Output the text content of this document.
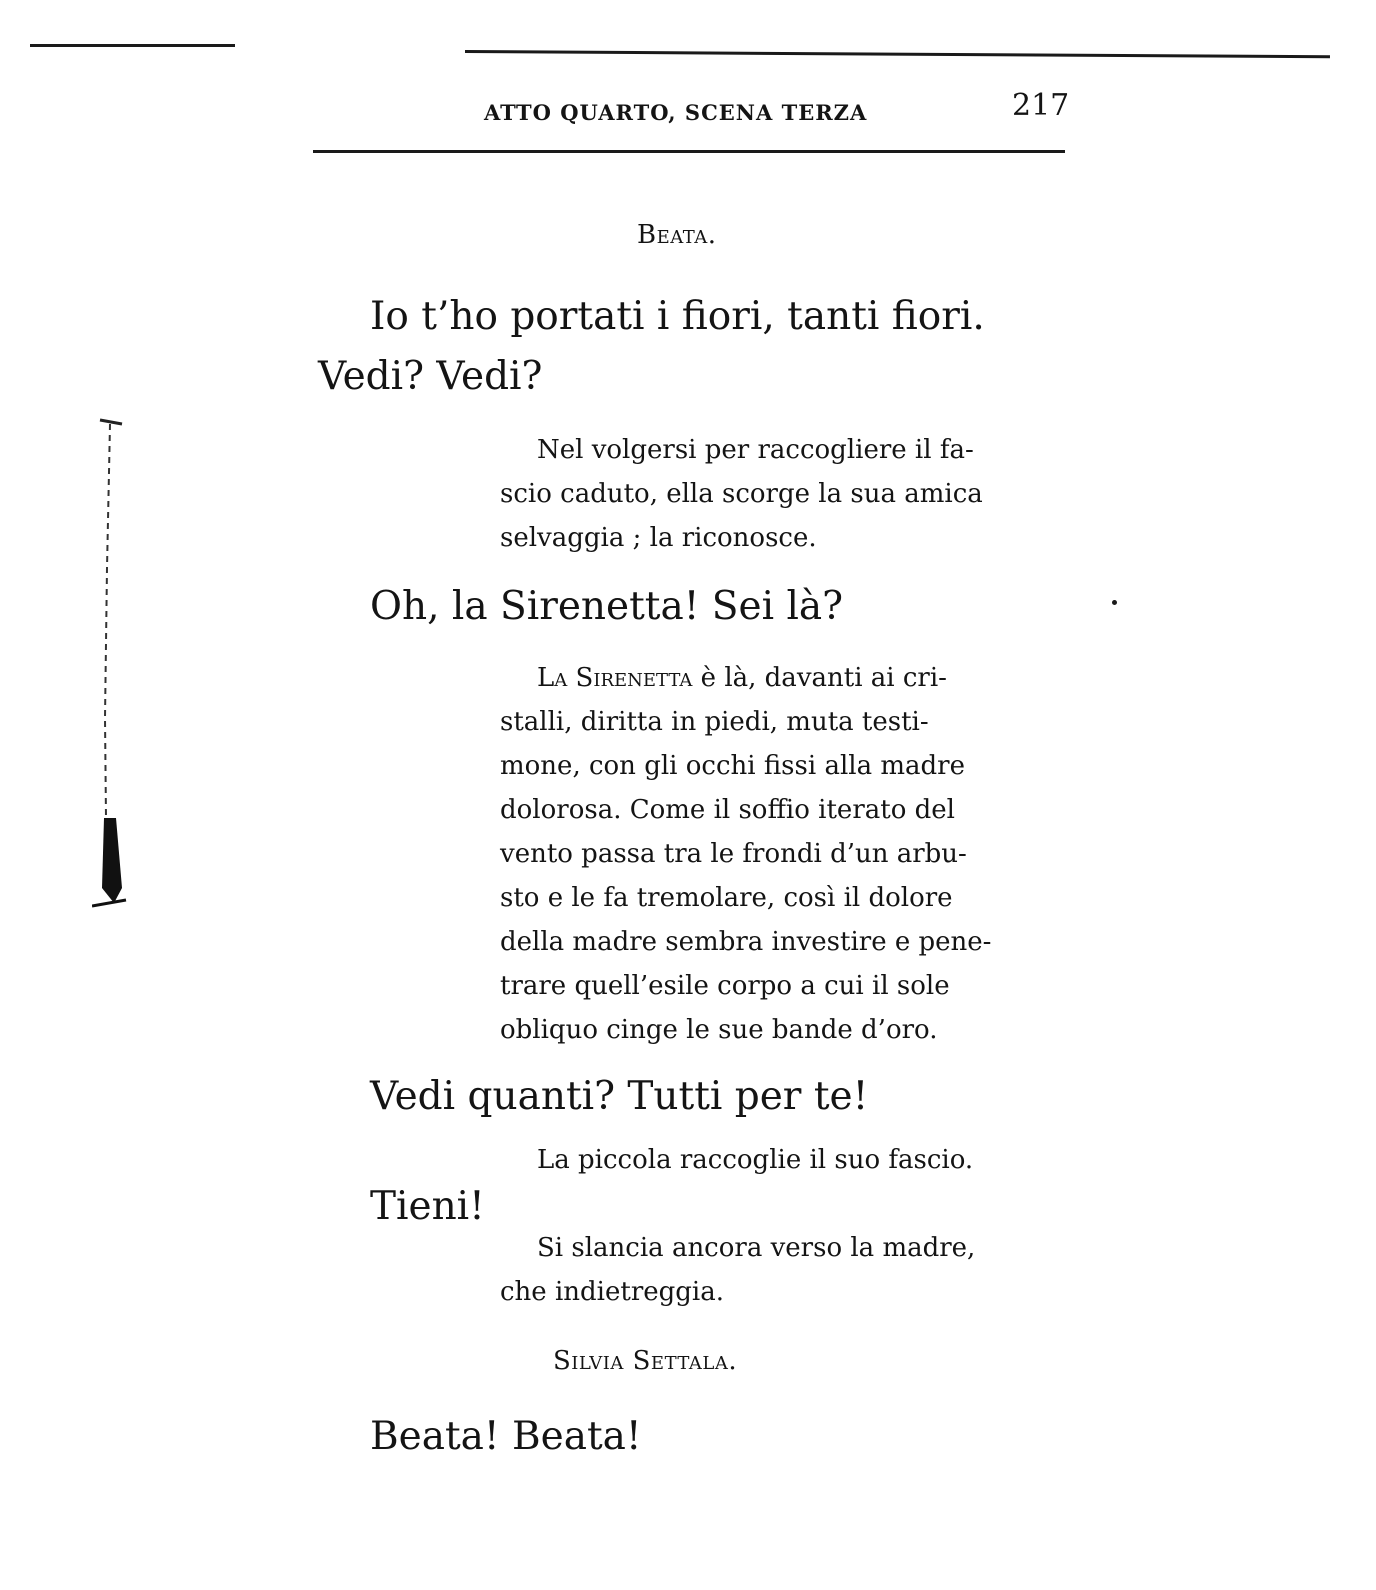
ATTO QUARTO, SCENA TERZA	217
Beata.
Io t’ho portati i fiori, tanti fiori.
Vedi? Vedi?

Nel volgersi per raccogliere il fa-

scio caduto, ella scorge la sua amica

selvaggia ; la riconosce.

Oh, la Sirenetta! Sei là?

La Sirenetta è là, davanti ai cri-

stalli, diritta in piedi, muta testi-

mone, con gli occhi fissi alla madre

dolorosa. Come il soffio iterato del

vento passa tra le frondi d’un arbu-

sto e le fa tremolare, così il dolore

della madre sembra investire e pene-

trare quell’esile corpo a cui il sole

obliquo cinge le sue bande d’oro.

Vedi quanti? Tutti per te!
La piccola raccoglie il suo fascio.
Tieni!

Si slancia ancora verso la madre,

che indietreggia.

Silvia Settala.
Beata! Beata!
